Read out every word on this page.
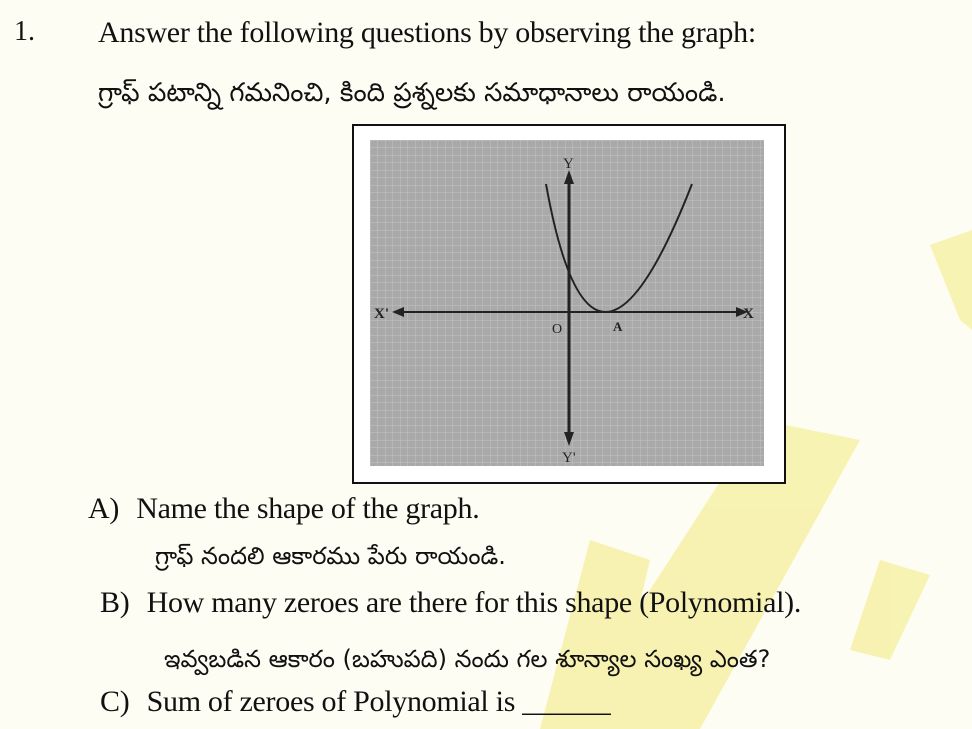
1. Answer the following questions by observing the graph:
గ్రాఫ్ పటాన్ని గమనించి, కింది ప్రశ్నలకు సమాధానాలు రాయండి.
Y
Y'
X'	X
O	A
A) Name the shape of the graph.
గ్రాఫ్ నందలి ఆకారము పేరు రాయండి.
B) How many zeroes are there for this shape (Polynomial).
ఇవ్వబడిన ఆకారం (బహుపది) నందు గల శూన్యాల సంఖ్య ఎంత?
C) Sum of zeroes of Polynomial is ______
